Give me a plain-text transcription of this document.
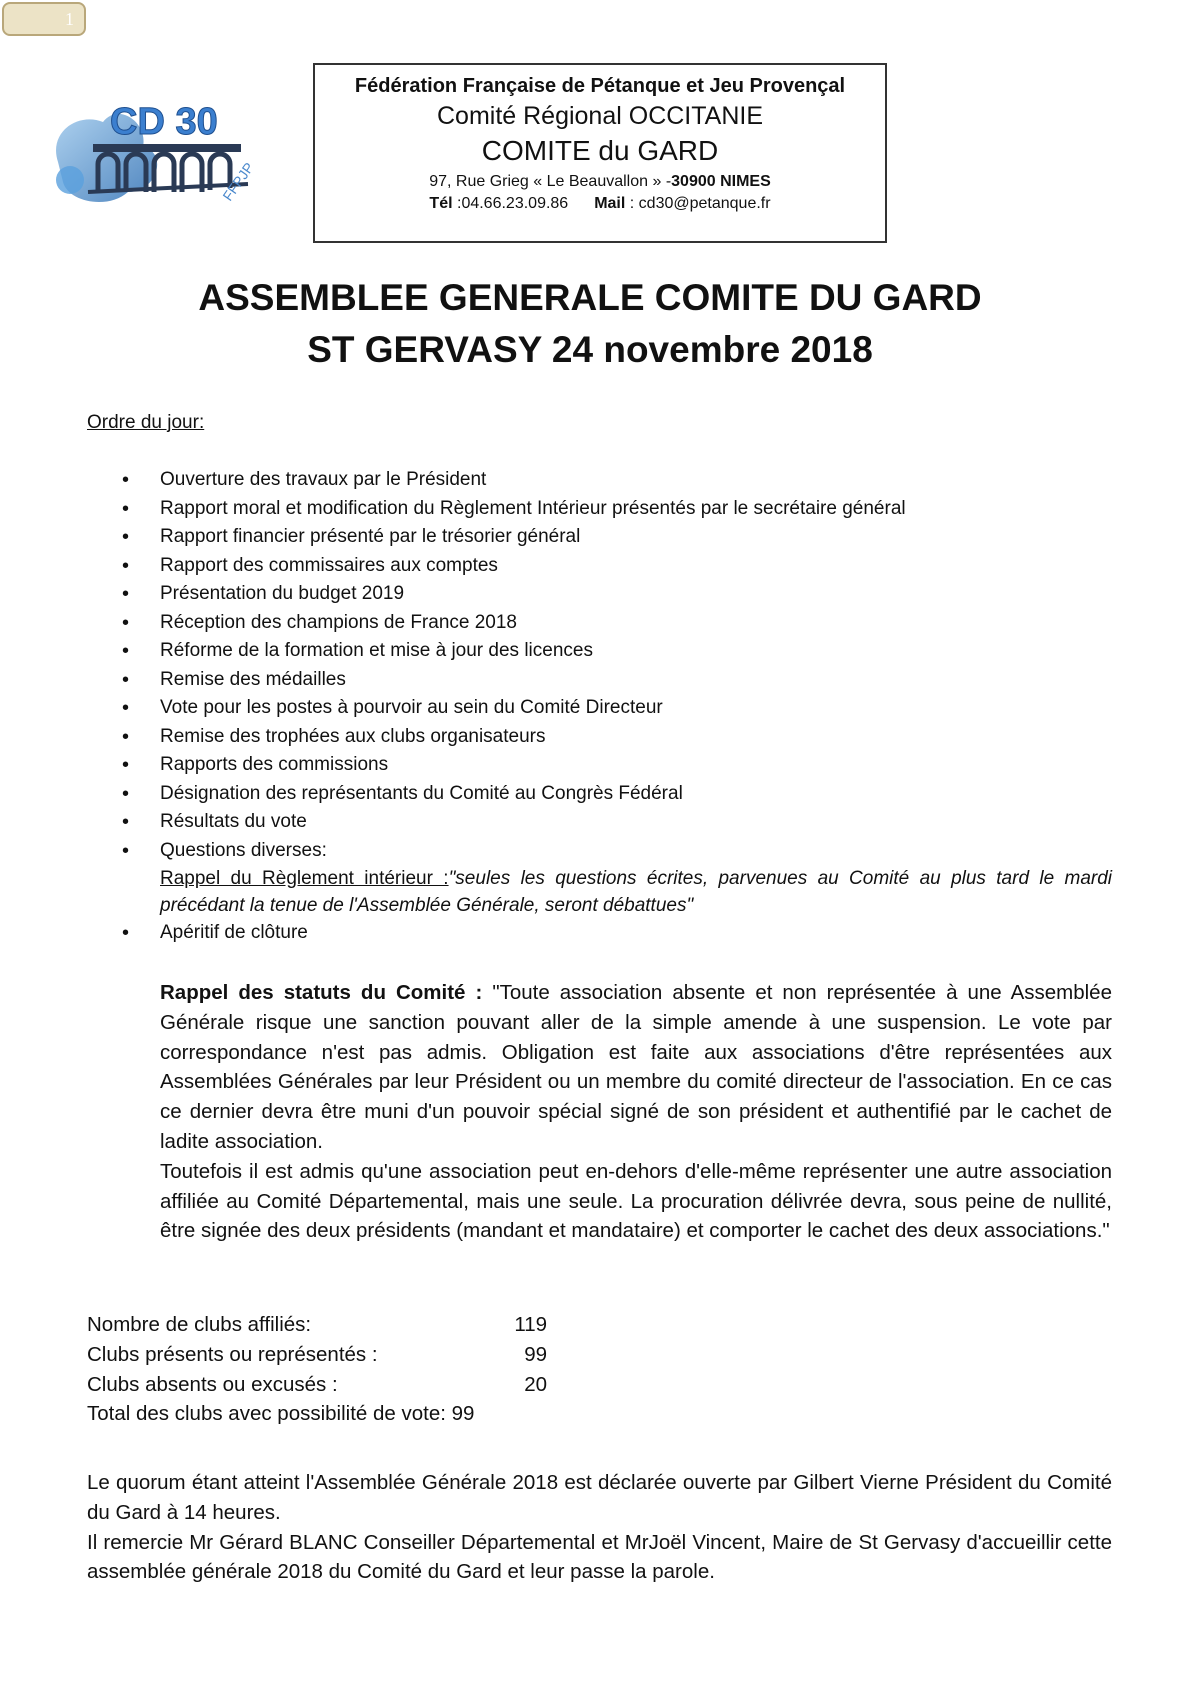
1
CD 30
FFPJP
Fédération Française de Pétanque et Jeu Provençal
Comité Régional OCCITANIE
COMITE du GARD
97, Rue Grieg « Le Beauvallon » -30900 NIMES
Tél :04.66.23.09.86 Mail : cd30@petanque.fr
ASSEMBLEE GENERALE COMITE DU GARD
ST GERVASY 24 novembre 2018
Ordre du jour:
• Ouverture des travaux par le Président
• Rapport moral et modification du Règlement Intérieur présentés par le secrétaire général
• Rapport financier présenté par le trésorier général
• Rapport des commissaires aux comptes
• Présentation du budget 2019
• Réception des champions de France 2018
• Réforme de la formation et mise à jour des licences
• Remise des médailles
• Vote pour les postes à pourvoir au sein du Comité Directeur
• Remise des trophées aux clubs organisateurs
• Rapports des commissions
• Désignation des représentants du Comité au Congrès Fédéral
• Résultats du vote
• Questions diverses:
Rappel du Règlement intérieur :"seules les questions écrites, parvenues au Comité au plus tard le mardi précédant la tenue de l'Assemblée Générale, seront débattues"
• Apéritif de clôture
Rappel des statuts du Comité : "Toute association absente et non représentée à une Assemblée Générale risque une sanction pouvant aller de la simple amende à une suspension. Le vote par correspondance n'est pas admis. Obligation est faite aux associations d'être représentées aux Assemblées Générales par leur Président ou un membre du comité directeur de l'association. En ce cas ce dernier devra être muni d'un pouvoir spécial signé de son président et authentifié par le cachet de ladite association.
Toutefois il est admis qu'une association peut en-dehors d'elle-même représenter une autre association affiliée au Comité Départemental, mais une seule. La procuration délivrée devra, sous peine de nullité, être signée des deux présidents (mandant et mandataire) et comporter le cachet des deux associations."
Nombre de clubs affiliés:	119
Clubs présents ou représentés :	99
Clubs absents ou excusés :	20
Total des clubs avec possibilité de vote: 99
Le quorum étant atteint l'Assemblée Générale 2018 est déclarée ouverte par Gilbert Vierne Président du Comité du Gard à 14 heures.
Il remercie Mr Gérard BLANC Conseiller Départemental et MrJoël Vincent, Maire de St Gervasy d'accueillir cette assemblée générale 2018 du Comité du Gard et leur passe la parole.
